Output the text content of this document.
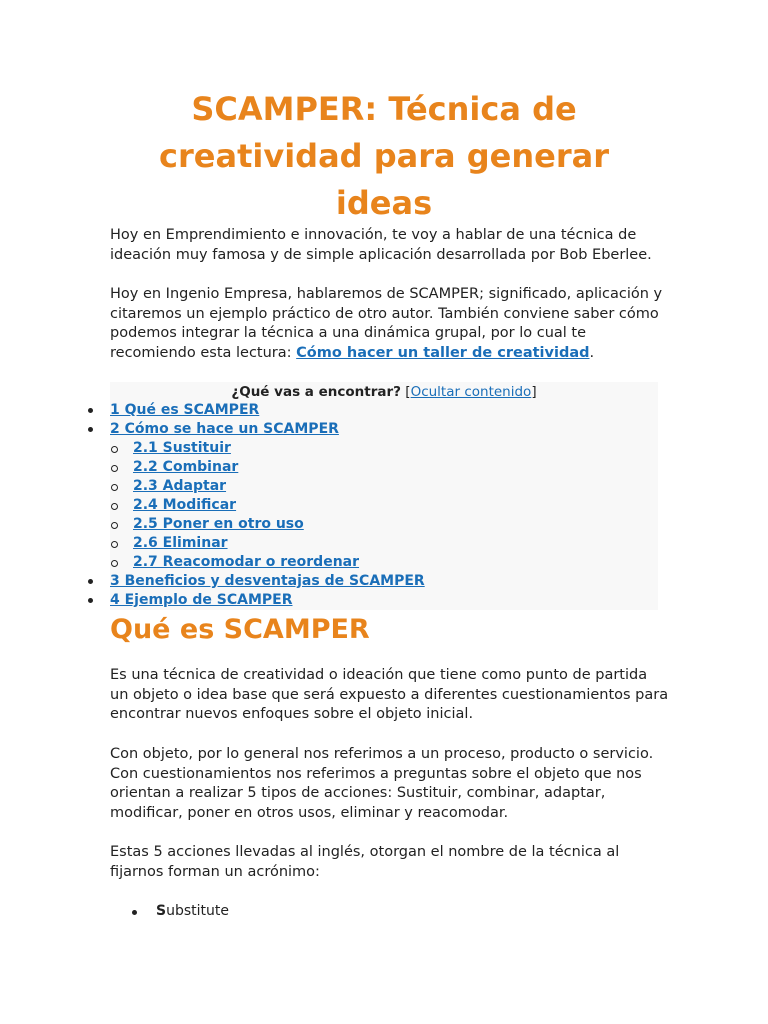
SCAMPER: Técnica de creatividad para generar ideas

Hoy en Emprendimiento e innovación, te voy a hablar de una técnica de ideación muy famosa y de simple aplicación desarrollada por Bob Eberlee.

Hoy en Ingenio Empresa, hablaremos de SCAMPER; significado, aplicación y citaremos un ejemplo práctico de otro autor. También conviene saber cómo podemos integrar la técnica a una dinámica grupal, por lo cual te recomiendo esta lectura: Cómo hacer un taller de creatividad.

¿Qué vas a encontrar? [Ocultar contenido]
1 Qué es SCAMPER
2 Cómo se hace un SCAMPER
2.1 Sustituir
2.2 Combinar
2.3 Adaptar
2.4 Modificar
2.5 Poner en otro uso
2.6 Eliminar
2.7 Reacomodar o reordenar
3 Beneficios y desventajas de SCAMPER
4 Ejemplo de SCAMPER
Qué es SCAMPER

Es una técnica de creatividad o ideación que tiene como punto de partida un objeto o idea base que será expuesto a diferentes cuestionamientos para encontrar nuevos enfoques sobre el objeto inicial.

Con objeto, por lo general nos referimos a un proceso, producto o servicio. Con cuestionamientos nos referimos a preguntas sobre el objeto que nos orientan a realizar 5 tipos de acciones: Sustituir, combinar, adaptar, modificar, poner en otros usos, eliminar y reacomodar.

Estas 5 acciones llevadas al inglés, otorgan el nombre de la técnica al fijarnos forman un acrónimo:

Substitute
